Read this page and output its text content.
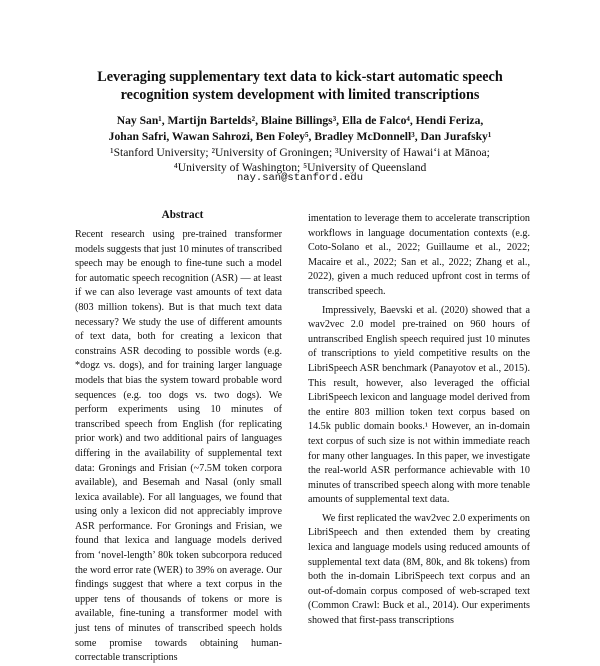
Leveraging supplementary text data to kick-start automatic speech
recognition system development with limited transcriptions
Nay San¹, Martijn Bartelds², Blaine Billings³, Ella de Falco⁴, Hendi Feriza,
Johan Safri, Wawan Sahrozi, Ben Foley⁵, Bradley McDonnell³, Dan Jurafsky¹
¹Stanford University; ²University of Groningen; ³University of Hawai‘i at Mānoa;
⁴University of Washington; ⁵University of Queensland
nay.san@stanford.edu
Abstract

Recent research using pre-trained transformer models suggests that just 10 minutes of transcribed speech may be enough to fine-tune such a model for automatic speech recognition (ASR) — at least if we can also leverage vast amounts of text data (803 million tokens). But is that much text data necessary? We study the use of different amounts of text data, both for creating a lexicon that constrains ASR decoding to possible words (e.g. *dogz vs. dogs), and for training larger language models that bias the system toward probable word sequences (e.g. too dogs vs. two dogs). We perform experiments using 10 minutes of transcribed speech from English (for replicating prior work) and two additional pairs of languages differing in the availability of supplemental text data: Gronings and Frisian (~7.5M token corpora available), and Besemah and Nasal (only small lexica available). For all languages, we found that using only a lexicon did not appreciably improve ASR performance. For Gronings and Frisian, we found that lexica and language models derived from ‘novel-length’ 80k token subcorpora reduced the word error rate (WER) to 39% on average. Our findings suggest that where a text corpus in the upper tens of thousands of tokens or more is available, fine-tuning a transformer model with just tens of minutes of transcribed speech holds some promise towards obtaining human-correctable transcriptions

imentation to leverage them to accelerate transcription workflows in language documentation contexts (e.g. Coto-Solano et al., 2022; Guillaume et al., 2022; Macaire et al., 2022; San et al., 2022; Zhang et al., 2022), given a much reduced upfront cost in terms of transcribed speech.

Impressively, Baevski et al. (2020) showed that a wav2vec 2.0 model pre-trained on 960 hours of untranscribed English speech required just 10 minutes of transcriptions to yield competitive results on the LibriSpeech ASR benchmark (Panayotov et al., 2015). This result, however, also leveraged the official LibriSpeech lexicon and language model derived from the entire 803 million token text corpus based on 14.5k public domain books.¹ However, an in-domain text corpus of such size is not within immediate reach for many other languages. In this paper, we investigate the real-world ASR performance achievable with 10 minutes of transcribed speech along with more tenable amounts of supplemental text data.

We first replicated the wav2vec 2.0 experiments on LibriSpeech and then extended them by creating lexica and language models using reduced amounts of supplemental text data (8M, 80k, and 8k tokens) from both the in-domain LibriSpeech text corpus and an out-of-domain corpus composed of web-scraped text (Common Crawl: Buck et al., 2014). Our experiments showed that first-pass transcriptions
